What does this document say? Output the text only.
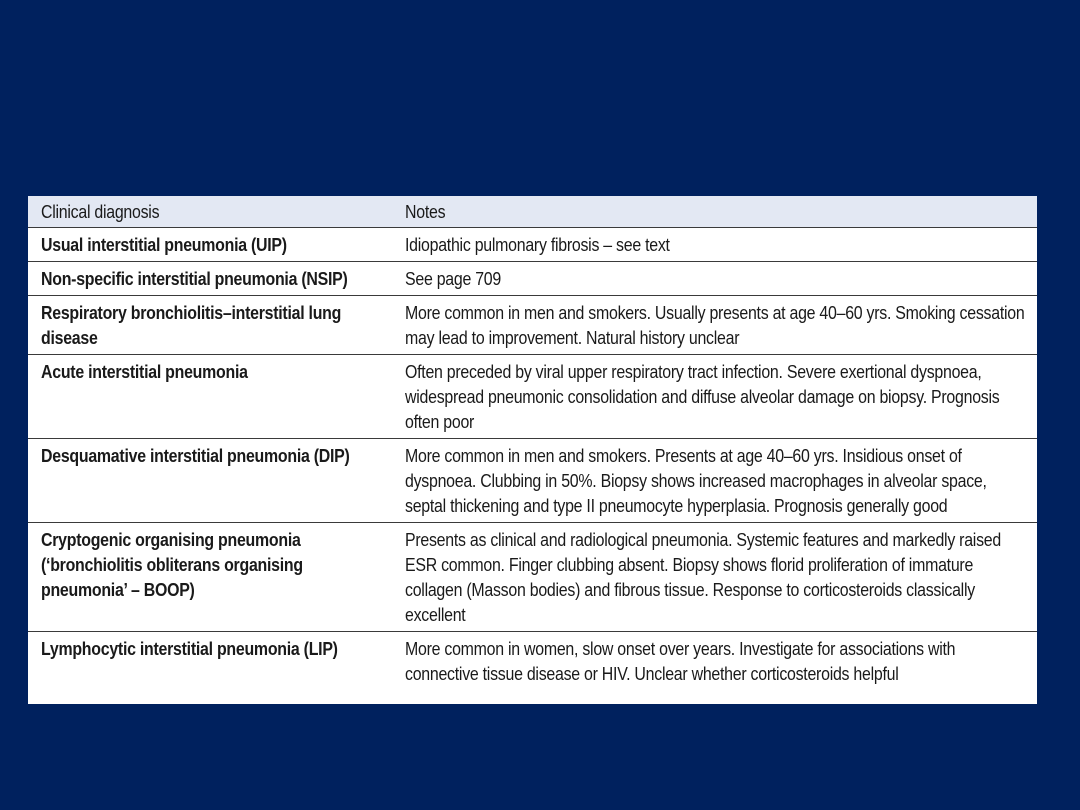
Clinical diagnosis	Notes

Usual interstitial pneumonia (UIP)	Idiopathic pulmonary fibrosis – see text

Non-specific interstitial pneumonia (NSIP)	See page 709

Respiratory bronchiolitis–interstitial lung disease	More common in men and smokers. Usually presents at age 40–60 yrs. Smoking cessation may lead to improvement. Natural history unclear

Acute interstitial pneumonia	Often preceded by viral upper respiratory tract infection. Severe exertional dyspnoea, widespread pneumonic consolidation and diffuse alveolar damage on biopsy. Prognosis often poor

Desquamative interstitial pneumonia (DIP)	More common in men and smokers. Presents at age 40–60 yrs. Insidious onset of dyspnoea. Clubbing in 50%. Biopsy shows increased macrophages in alveolar space, septal thickening and type II pneumocyte hyperplasia. Prognosis generally good

Cryptogenic organising pneumonia (‘bronchiolitis obliterans organising pneumonia’ – BOOP)	Presents as clinical and radiological pneumonia. Systemic features and markedly raised ESR common. Finger clubbing absent. Biopsy shows florid proliferation of immature collagen (Masson bodies) and fibrous tissue. Response to corticosteroids classically excellent

Lymphocytic interstitial pneumonia (LIP)	More common in women, slow onset over years. Investigate for associations with connective tissue disease or HIV. Unclear whether corticosteroids helpful
